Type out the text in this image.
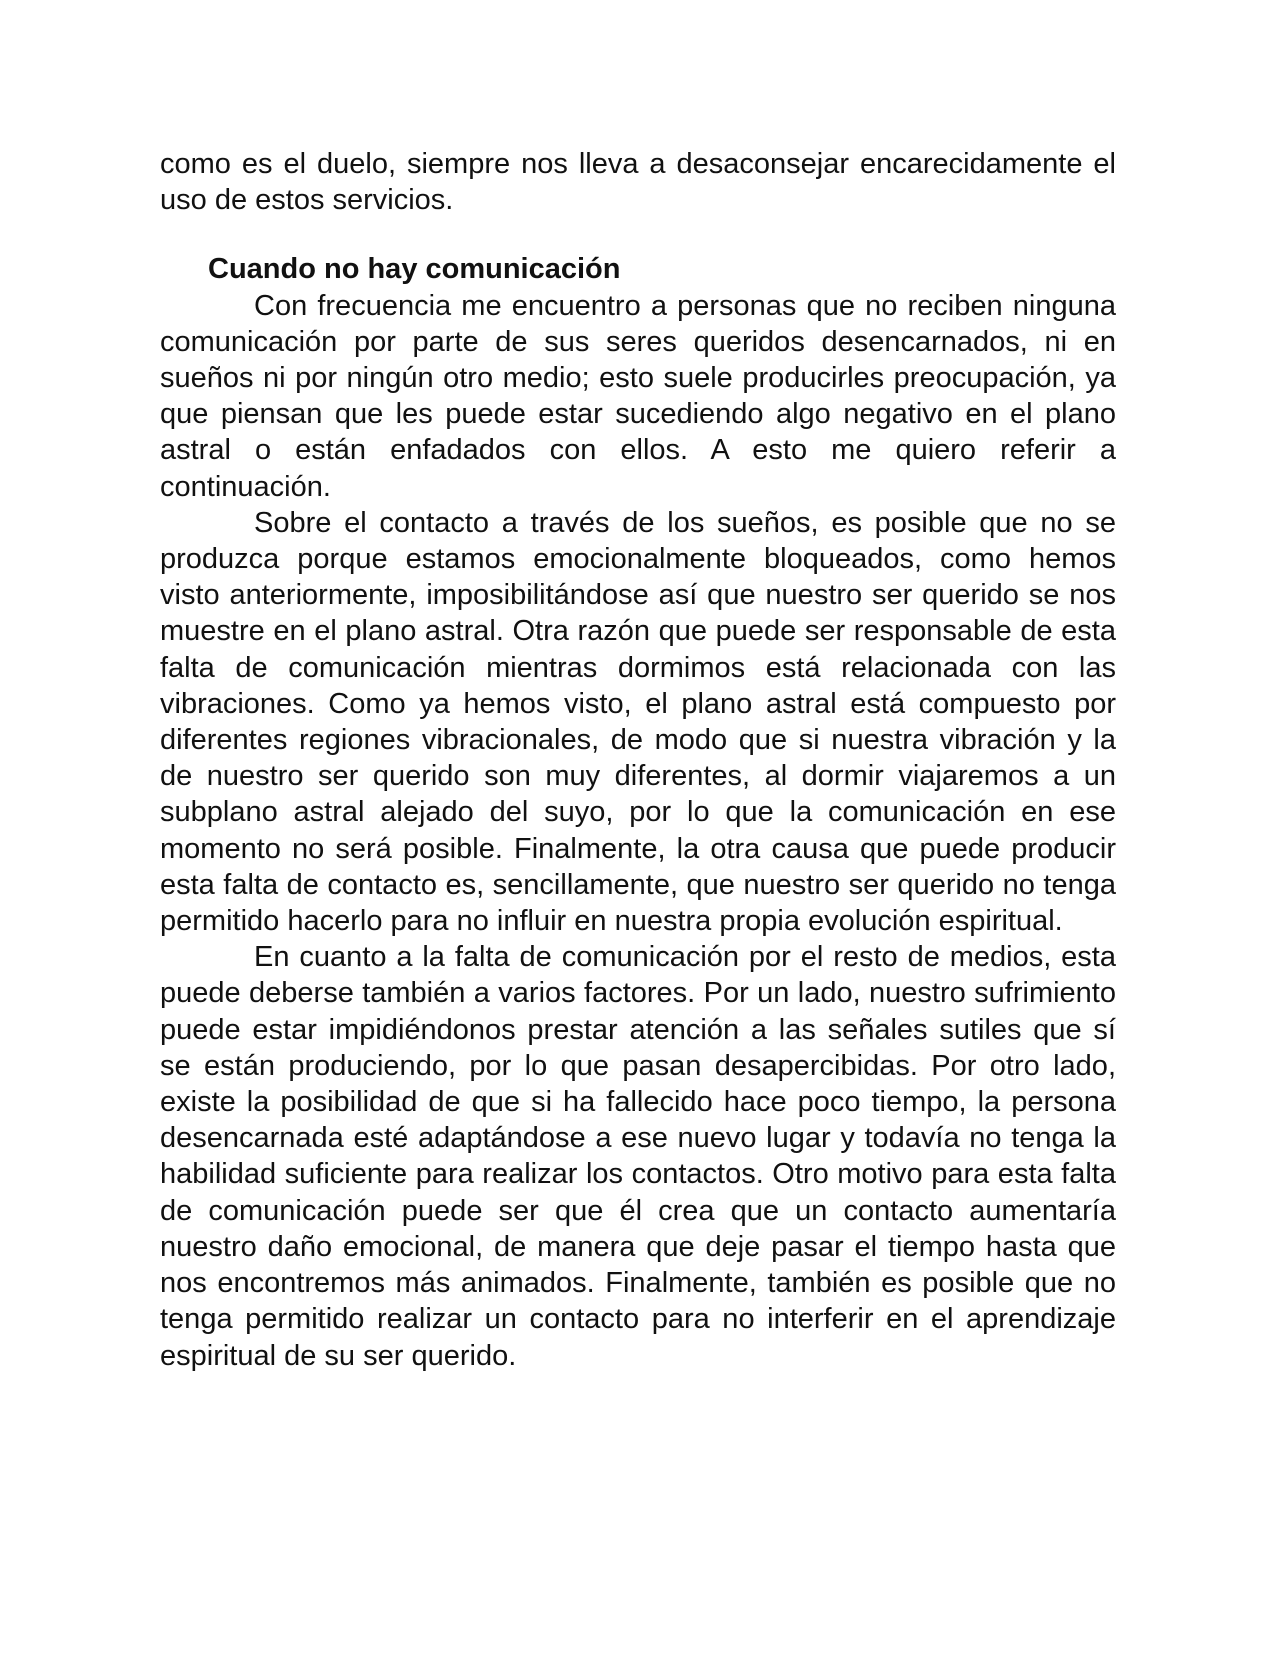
como es el duelo, siempre nos lleva a desaconsejar encarecidamente el uso de estos servicios.

Cuando no hay comunicación

Con frecuencia me encuentro a personas que no reciben ninguna comunicación por parte de sus seres queridos desencarnados, ni en sueños ni por ningún otro medio; esto suele producirles preocupación, ya que piensan que les puede estar sucediendo algo negativo en el plano astral o están enfadados con ellos. A esto me quiero referir a continuación.

Sobre el contacto a través de los sueños, es posible que no se produzca porque estamos emocionalmente bloqueados, como hemos visto anteriormente, imposibilitándose así que nuestro ser querido se nos muestre en el plano astral. Otra razón que puede ser responsable de esta falta de comunicación mientras dormimos está relacionada con las vibraciones. Como ya hemos visto, el plano astral está compuesto por diferentes regiones vibracionales, de modo que si nuestra vibración y la de nuestro ser querido son muy diferentes, al dormir viajaremos a un subplano astral alejado del suyo, por lo que la comunicación en ese momento no será posible. Finalmente, la otra causa que puede producir esta falta de contacto es, sencillamente, que nuestro ser querido no tenga permitido hacerlo para no influir en nuestra propia evolución espiritual.

En cuanto a la falta de comunicación por el resto de medios, esta puede deberse también a varios factores. Por un lado, nuestro sufrimiento puede estar impidiéndonos prestar atención a las señales sutiles que sí se están produciendo, por lo que pasan desapercibidas. Por otro lado, existe la posibilidad de que si ha fallecido hace poco tiempo, la persona desencarnada esté adaptándose a ese nuevo lugar y todavía no tenga la habilidad suficiente para realizar los contactos. Otro motivo para esta falta de comunicación puede ser que él crea que un contacto aumentaría nuestro daño emocional, de manera que deje pasar el tiempo hasta que nos encontremos más animados. Finalmente, también es posible que no tenga permitido realizar un contacto para no interferir en el aprendizaje espiritual de su ser querido.
